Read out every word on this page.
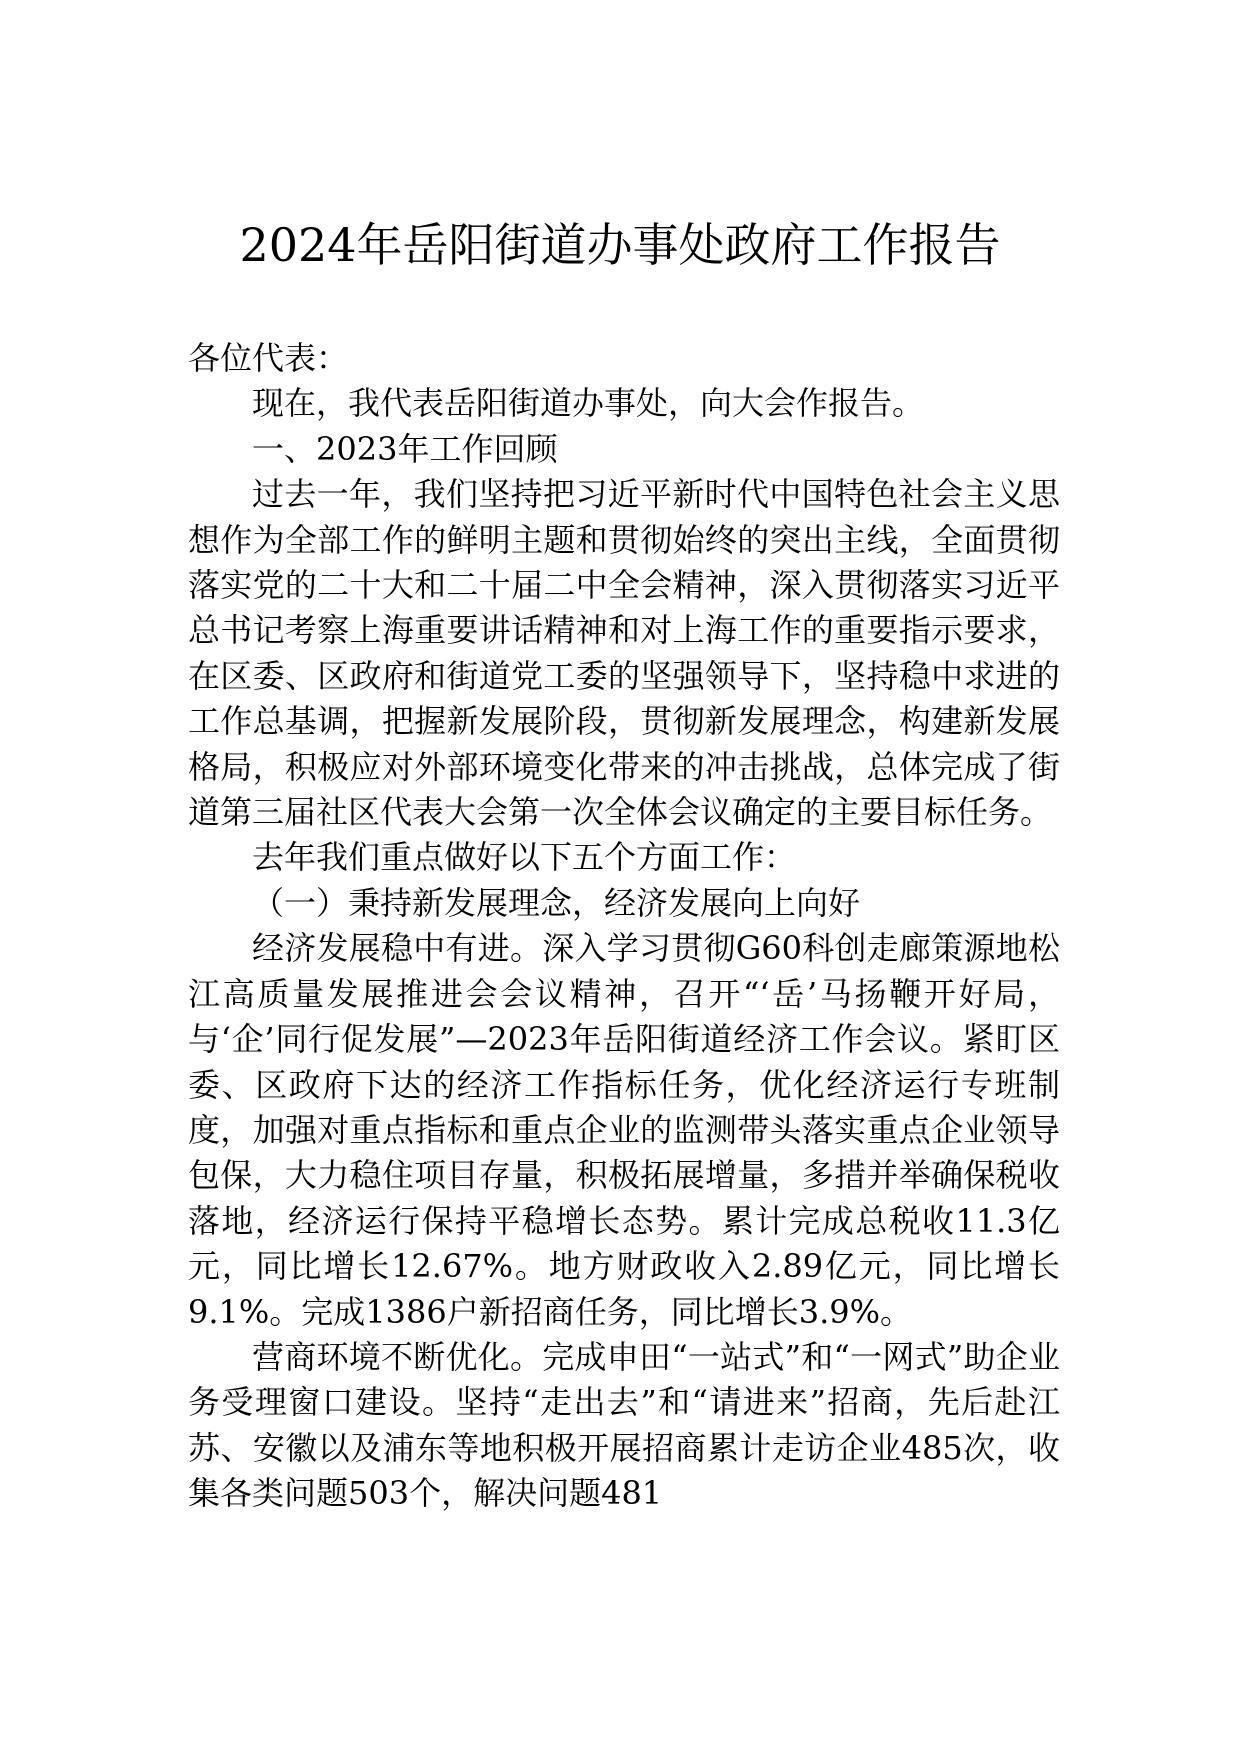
2024年岳阳街道办事处政府工作报告

各位代表：

现在，我代表岳阳街道办事处，向大会作报告。

一、2023年工作回顾

过去一年，我们坚持把习近平新时代中国特色社会主义思想作为全部工作的鲜明主题和贯彻始终的突出主线，全面贯彻落实党的二十大和二十届二中全会精神，深入贯彻落实习近平总书记考察上海重要讲话精神和对上海工作的重要指示要求，在区委、区政府和街道党工委的坚强领导下，坚持稳中求进的工作总基调，把握新发展阶段，贯彻新发展理念，构建新发展格局，积极应对外部环境变化带来的冲击挑战，总体完成了街道第三届社区代表大会第一次全体会议确定的主要目标任务。

去年我们重点做好以下五个方面工作：

（一）秉持新发展理念，经济发展向上向好

经济发展稳中有进。深入学习贯彻G60科创走廊策源地松江高质量发展推进会会议精神，召开“‘岳’马扬鞭开好局，与‘企’同行促发展”—2023年岳阳街道经济工作会议。紧盯区委、区政府下达的经济工作指标任务，优化经济运行专班制度，加强对重点指标和重点企业的监测带头落实重点企业领导包保，大力稳住项目存量，积极拓展增量，多措并举确保税收落地，经济运行保持平稳增长态势。累计完成总税收11.3亿元，同比增长12.67%。地方财政收入2.89亿元，同比增长9.1%。完成1386户新招商任务，同比增长3.9%。

营商环境不断优化。完成申田“一站式”和“一网式”助企业务受理窗口建设。坚持“走出去”和“请进来”招商，先后赴江苏、安徽以及浦东等地积极开展招商累计走访企业485次，收集各类问题503个，解决问题481
